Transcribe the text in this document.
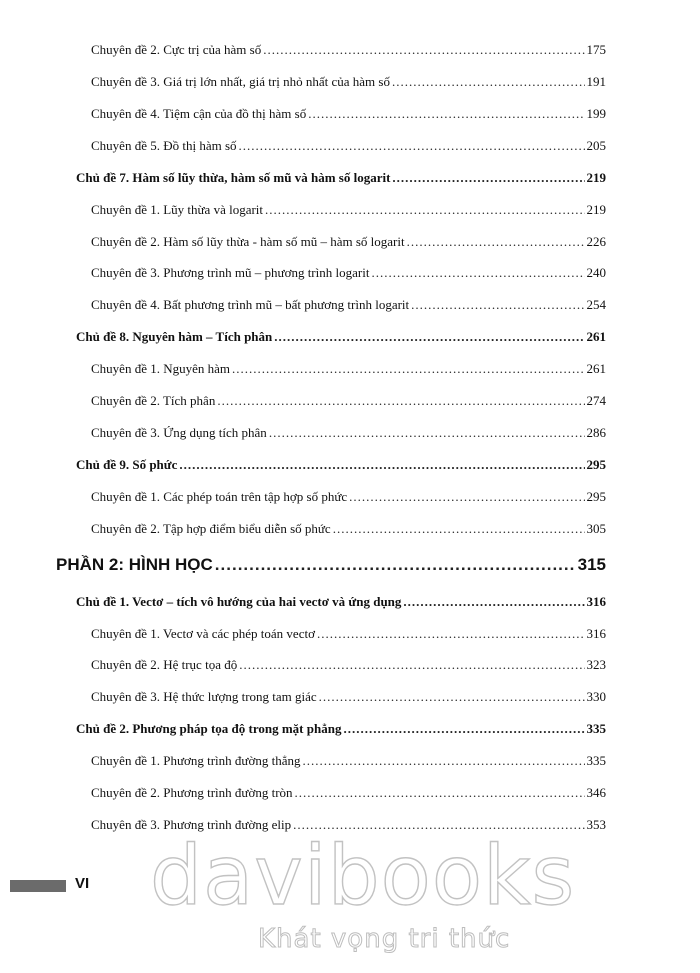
Chuyên đề 2. Cực trị của hàm số .....	175
Chuyên đề 3. Giá trị lớn nhất, giá trị nhỏ nhất của hàm số .....	191
Chuyên đề 4. Tiệm cận của đồ thị hàm số .....	199
Chuyên đề 5. Đồ thị hàm số .....	205
Chủ đề 7. Hàm số lũy thừa, hàm số mũ và hàm số logarit .....	219
Chuyên đề 1. Lũy thừa và logarit .....	219
Chuyên đề 2. Hàm số lũy thừa - hàm số mũ – hàm số logarit .....	226
Chuyên đề 3. Phương trình mũ – phương trình logarit .....	240
Chuyên đề 4. Bất phương trình mũ – bất phương trình logarit .....	254
Chủ đề 8. Nguyên hàm – Tích phân .....	261
Chuyên đề 1. Nguyên hàm .....	261
Chuyên đề 2. Tích phân .....	274
Chuyên đề 3. Ứng dụng tích phân .....	286
Chủ đề 9. Số phức .....	295
Chuyên đề 1. Các phép toán trên tập hợp số phức .....	295
Chuyên đề 2. Tập hợp điểm biểu diễn số phức .....	305
PHẦN 2: HÌNH HỌC .....	315
Chủ đề 1. Vectơ – tích vô hướng của hai vectơ và ứng dụng .....	316
Chuyên đề 1. Vectơ và các phép toán vectơ .....	316
Chuyên đề 2. Hệ trục tọa độ .....	323
Chuyên đề 3. Hệ thức lượng trong tam giác .....	330
Chủ đề 2. Phương pháp tọa độ trong mặt phẳng .....	335
Chuyên đề 1. Phương trình đường thẳng .....	335
Chuyên đề 2. Phương trình đường tròn .....	346
Chuyên đề 3. Phương trình đường elip .....	353
VI davibooks
Khát vọng tri thức
